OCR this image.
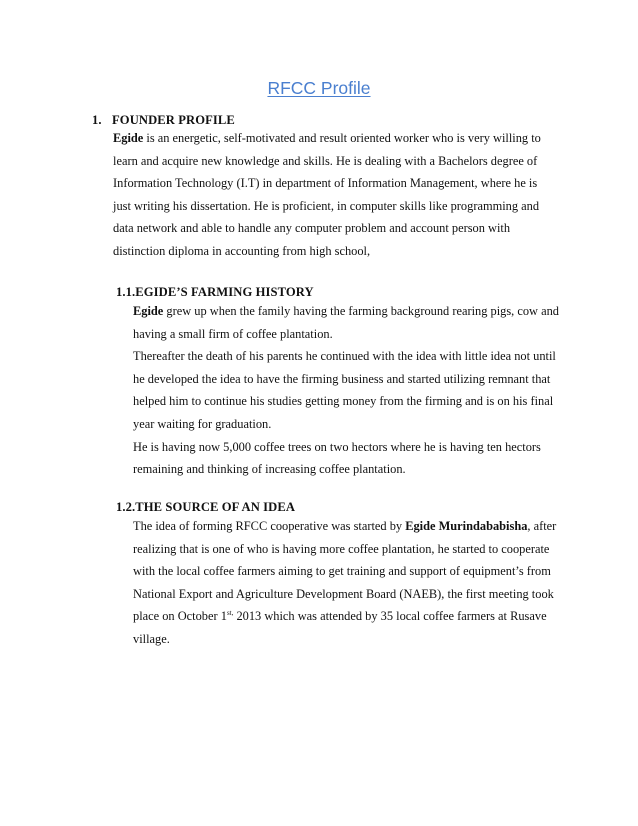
RFCC Profile
1. FOUNDER PROFILE
Egide is an energetic, self-motivated and result oriented worker who is very willing to
learn and acquire new knowledge and skills. He is dealing with a Bachelors degree of
Information Technology (I.T) in department of Information Management, where he is
just writing his dissertation. He is proficient, in computer skills like programming and
data network and able to handle any computer problem and account person with
distinction diploma in accounting from high school,
1.1.EGIDE’S FARMING HISTORY
Egide grew up when the family having the farming background rearing pigs, cow and
having a small firm of coffee plantation.
Thereafter the death of his parents he continued with the idea with little idea not until
he developed the idea to have the firming business and started utilizing remnant that
helped him to continue his studies getting money from the firming and is on his final
year waiting for graduation.
He is having now 5,000 coffee trees on two hectors where he is having ten hectors
remaining and thinking of increasing coffee plantation.
1.2.THE SOURCE OF AN IDEA
The idea of forming RFCC cooperative was started by Egide Murindababisha, after
realizing that is one of who is having more coffee plantation, he started to cooperate
with the local coffee farmers aiming to get training and support of equipment’s from
National Export and Agriculture Development Board (NAEB), the first meeting took
place on October $1^{st,}$ 2013 which was attended by 35 local coffee farmers at Rusave
village.
